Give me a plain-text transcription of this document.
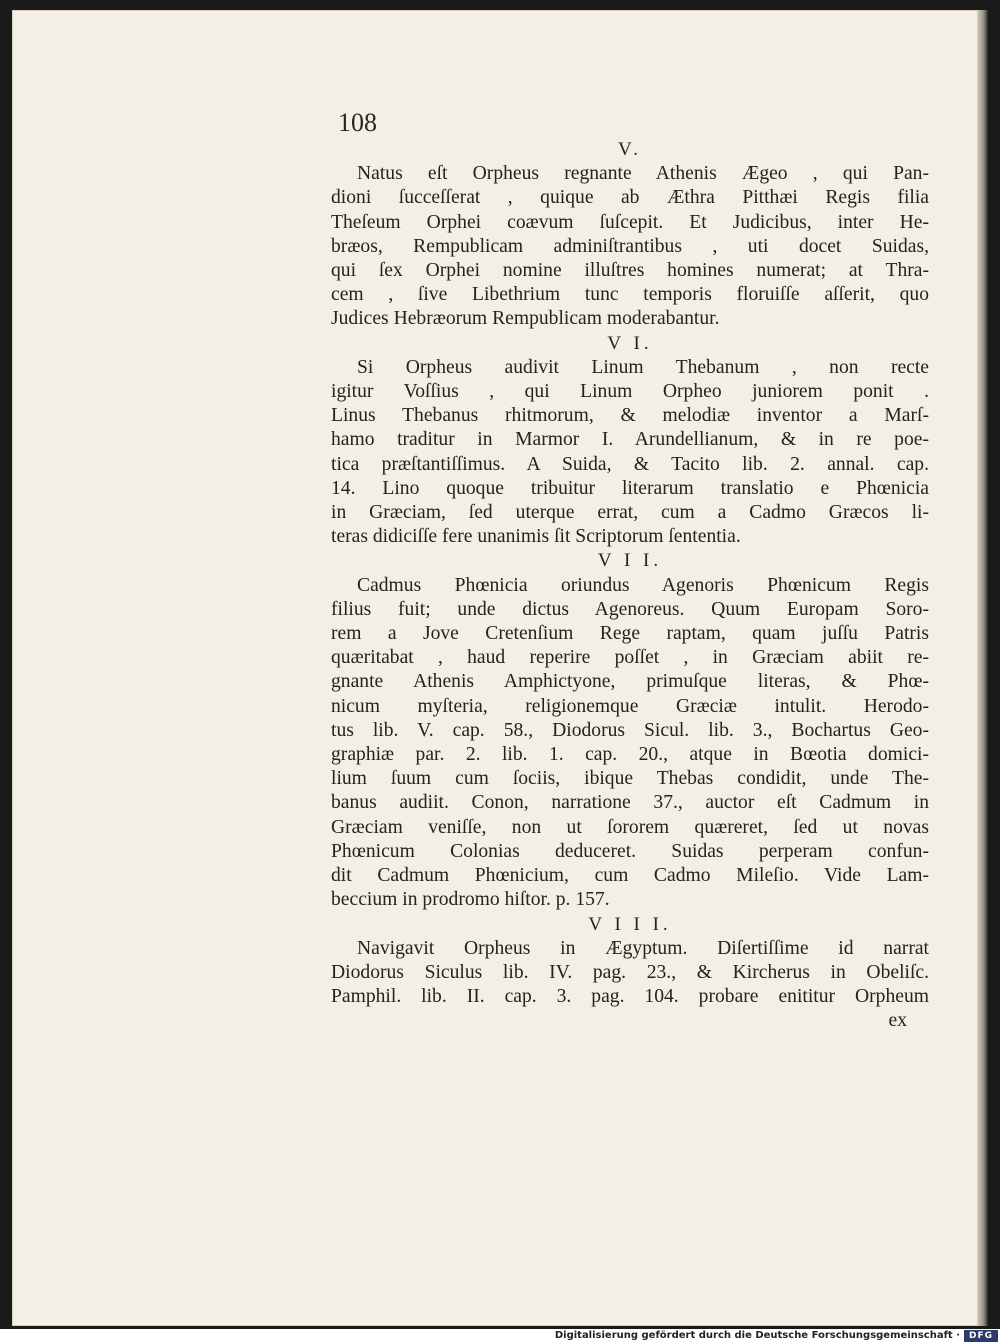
108

V.

Natus eſt Orpheus regnante Athenis Ægeo , qui Pan-
dioni ſucceſſerat , quique ab Æthra Pitthæi Regis filia
Theſeum Orphei coævum ſuſcepit. Et Judicibus, inter He-
bræos, Rempublicam adminiſtrantibus , uti docet Suidas,
qui ſex Orphei nomine illuſtres homines numerat; at Thra-
cem , ſive Libethrium tunc temporis floruiſſe aſſerit, quo
Judices Hebræorum Rempublicam moderabantur.

V I.

Si Orpheus audivit Linum Thebanum , non recte
igitur Voſſius , qui Linum Orpheo juniorem ponit .
Linus Thebanus rhitmorum, & melodiæ inventor a Marſ-
hamo traditur in Marmor I. Arundellianum, & in re poe-
tica præſtantiſſimus. A Suida, & Tacito lib. 2. annal. cap.
14. Lino quoque tribuitur literarum translatio e Phœnicia
in Græciam, ſed uterque errat, cum a Cadmo Græcos li-
teras didiciſſe fere unanimis ſit Scriptorum ſententia.

V I I.

Cadmus Phœnicia oriundus Agenoris Phœnicum Regis
filius fuit; unde dictus Agenoreus. Quum Europam Soro-
rem a Jove Cretenſium Rege raptam, quam juſſu Patris
quæritabat , haud reperire poſſet , in Græciam abiit re-
gnante Athenis Amphictyone, primuſque literas, & Phœ-
nicum myſteria, religionemque Græciæ intulit. Herodo-
tus lib. V. cap. 58., Diodorus Sicul. lib. 3., Bochartus Geo-
graphiæ par. 2. lib. 1. cap. 20., atque in Bœotia domici-
lium ſuum cum ſociis, ibique Thebas condidit, unde The-
banus audiit. Conon, narratione 37., auctor eſt Cadmum in
Græciam veniſſe, non ut ſororem quæreret, ſed ut novas
Phœnicum Colonias deduceret. Suidas perperam confun-
dit Cadmum Phœnicium, cum Cadmo Mileſio. Vide Lam-
beccium in prodromo hiſtor. p. 157.

V I I I.

Navigavit Orpheus in Ægyptum. Diſertiſſime id narrat
Diodorus Siculus lib. IV. pag. 23., & Kircherus in Obeliſc.
Pamphil. lib. II. cap. 3. pag. 104. probare enititur Orpheum

ex

Digitalisierung gefördert durch die Deutsche Forschungsgemeinschaft · DFG
